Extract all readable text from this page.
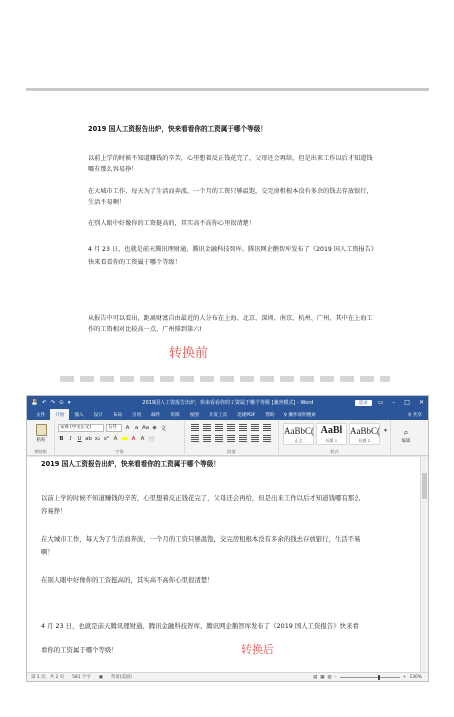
2019 国人工资报告出炉，快来看看你的工资属于哪个等级！
以前上学的时候不知道赚钱的辛苦，心里想着反正钱花完了，父母还会再给，但是出来工作以后才知道钱哪有那么容易挣！
在大城市工作，每天为了生活而奔波，一个月的工资只够温饱，交完房租根本没有多余的钱去存放银行，生活不易啊！
在别人眼中好像你的工资挺高的，其实高不高你心里很清楚！
4 月 23 日，也就是前天腾讯理财通、腾讯金融科技智库、腾讯网企鹅智库发布了《2019 国人工资报告》快来看看你的工资属于哪个等级！
从报告中可以看出，距离财富自由最近的人分布在上海、北京、深圳、南京、杭州、广州，其中在上海工作的工资相对比较高一点，广州排到第六!
转换前
💾 ↶ ↷ ⊙ ▾	2019国人工资报告出炉，快来看看你的工资属于哪个等级 [兼容模式] - Word	登录	▭ – □ ✕
文件	开始	插入	设计	布局	引用	邮件	审阅	视图	开发工具	迅捷PDF	帮助	♀ 操作说明搜索	♀ 共享
粘贴
剪贴板
宋体 (中文正文)	五号	A a Aa ◈ 文
B	I	U ab x₂ x² A	A A ㊀
字体	段落
AaBbC(
正文
AaBl
标题 1
AaBbC(
标题 2
▾
样式
⌕
编辑
2019 国人工资报告出炉，快来看看你的工资属于哪个等级！
以前上学的时候不知道赚钱的辛苦，心里想着反正钱花完了，父母还会再给，但是出来工作以后才知道钱哪有那么容易挣！
在大城市工作，每天为了生活而奔波，一个月的工资只够温饱，交完房租根本没有多余的钱去存放银行，生活不易啊！
在别人眼中好像你的工资挺高的，其实高不高你心里很清楚！
4 月 23 日，也就是前天腾讯理财通、腾讯金融科技智库、腾讯网企鹅智库发布了《2019 国人工资报告》快来看看你的工资属于哪个等级！	转换后
第 1 页，共 2 页 581 个字 ▣ 英语(美国)	▤ ▦ ▥ –	+ 130%
